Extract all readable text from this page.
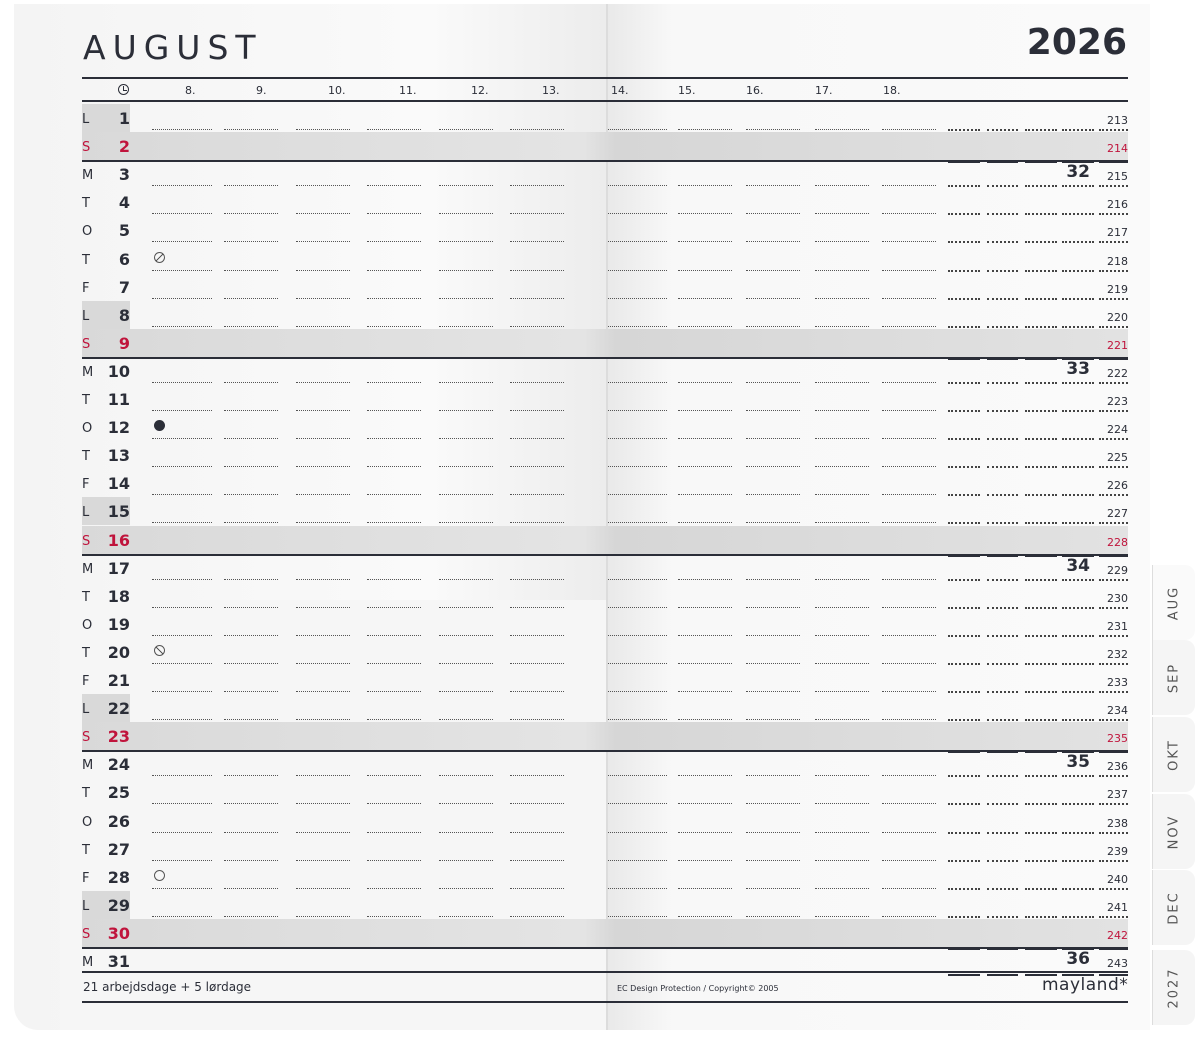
AUGUST	2026
8.	9.	10.	11.	12.	13.	14.	15.	16.	17.	18.
L	1	213
S	2	214
M	3	215
32
T	4	216
O	5	217
T	6	218
F	7	219
L	8	220
S	9	221
M 10	222
33
T	11	223
O 12	224
T	13	225
F	14	226
L	15	227
S	16	228
M 17	229
34
T	18	230
O 19	231
T	20	232
F	21	233
L	22	234
S	23	235
M 24	236
35
T	25	237
O 26	238
T	27	239
F	28	240
L	29	241
S	30	242
M 31	243
36
21 arbejdsdage + 5 lørdage	EC Design Protection / Copyright© 2005	mayland*
AUG
SEP
OKT
NOV
DEC
2027
